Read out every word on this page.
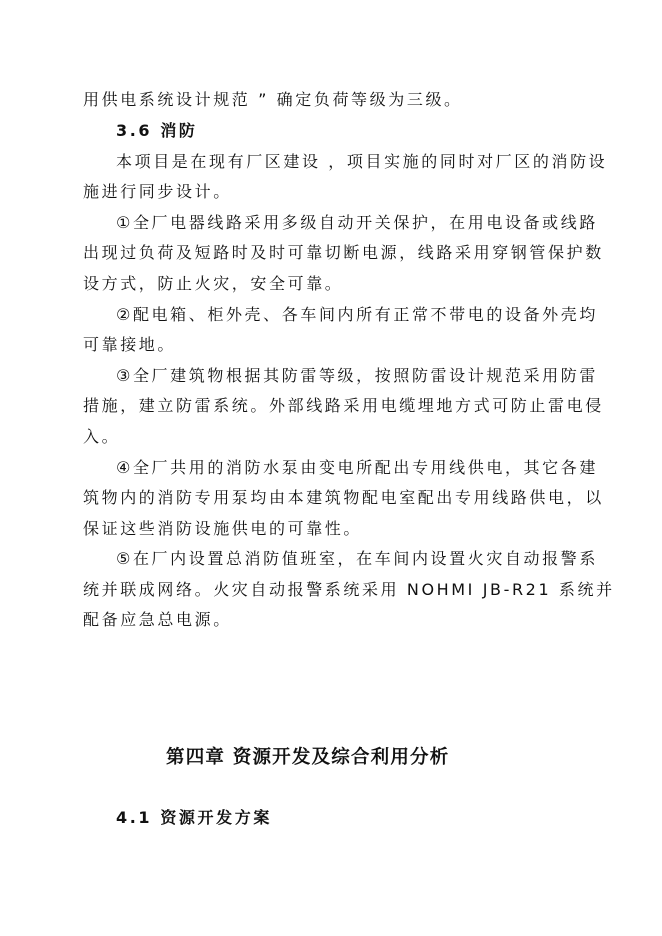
用供电系统设计规范 ” 确定负荷等级为三级。
3.6 消防
本项目是在现有厂区建设 ，项目实施的同时对厂区的消防设
施进行同步设计。
①全厂电器线路采用多级自动开关保护，在用电设备或线路
出现过负荷及短路时及时可靠切断电源，线路采用穿钢管保护数
设方式，防止火灾，安全可靠。
②配电箱、柜外壳、各车间内所有正常不带电的设备外壳均
可靠接地。
③全厂建筑物根据其防雷等级，按照防雷设计规范采用防雷
措施，建立防雷系统。外部线路采用电缆埋地方式可防止雷电侵
入。
④全厂共用的消防水泵由变电所配出专用线供电，其它各建
筑物内的消防专用泵均由本建筑物配电室配出专用线路供电，以
保证这些消防设施供电的可靠性。
⑤在厂内设置总消防值班室，在车间内设置火灾自动报警系
统并联成网络。火灾自动报警系统采用 NOHMI JB-R21 系统并
配备应急总电源。
第四章 资源开发及综合利用分析
4.1 资源开发方案
